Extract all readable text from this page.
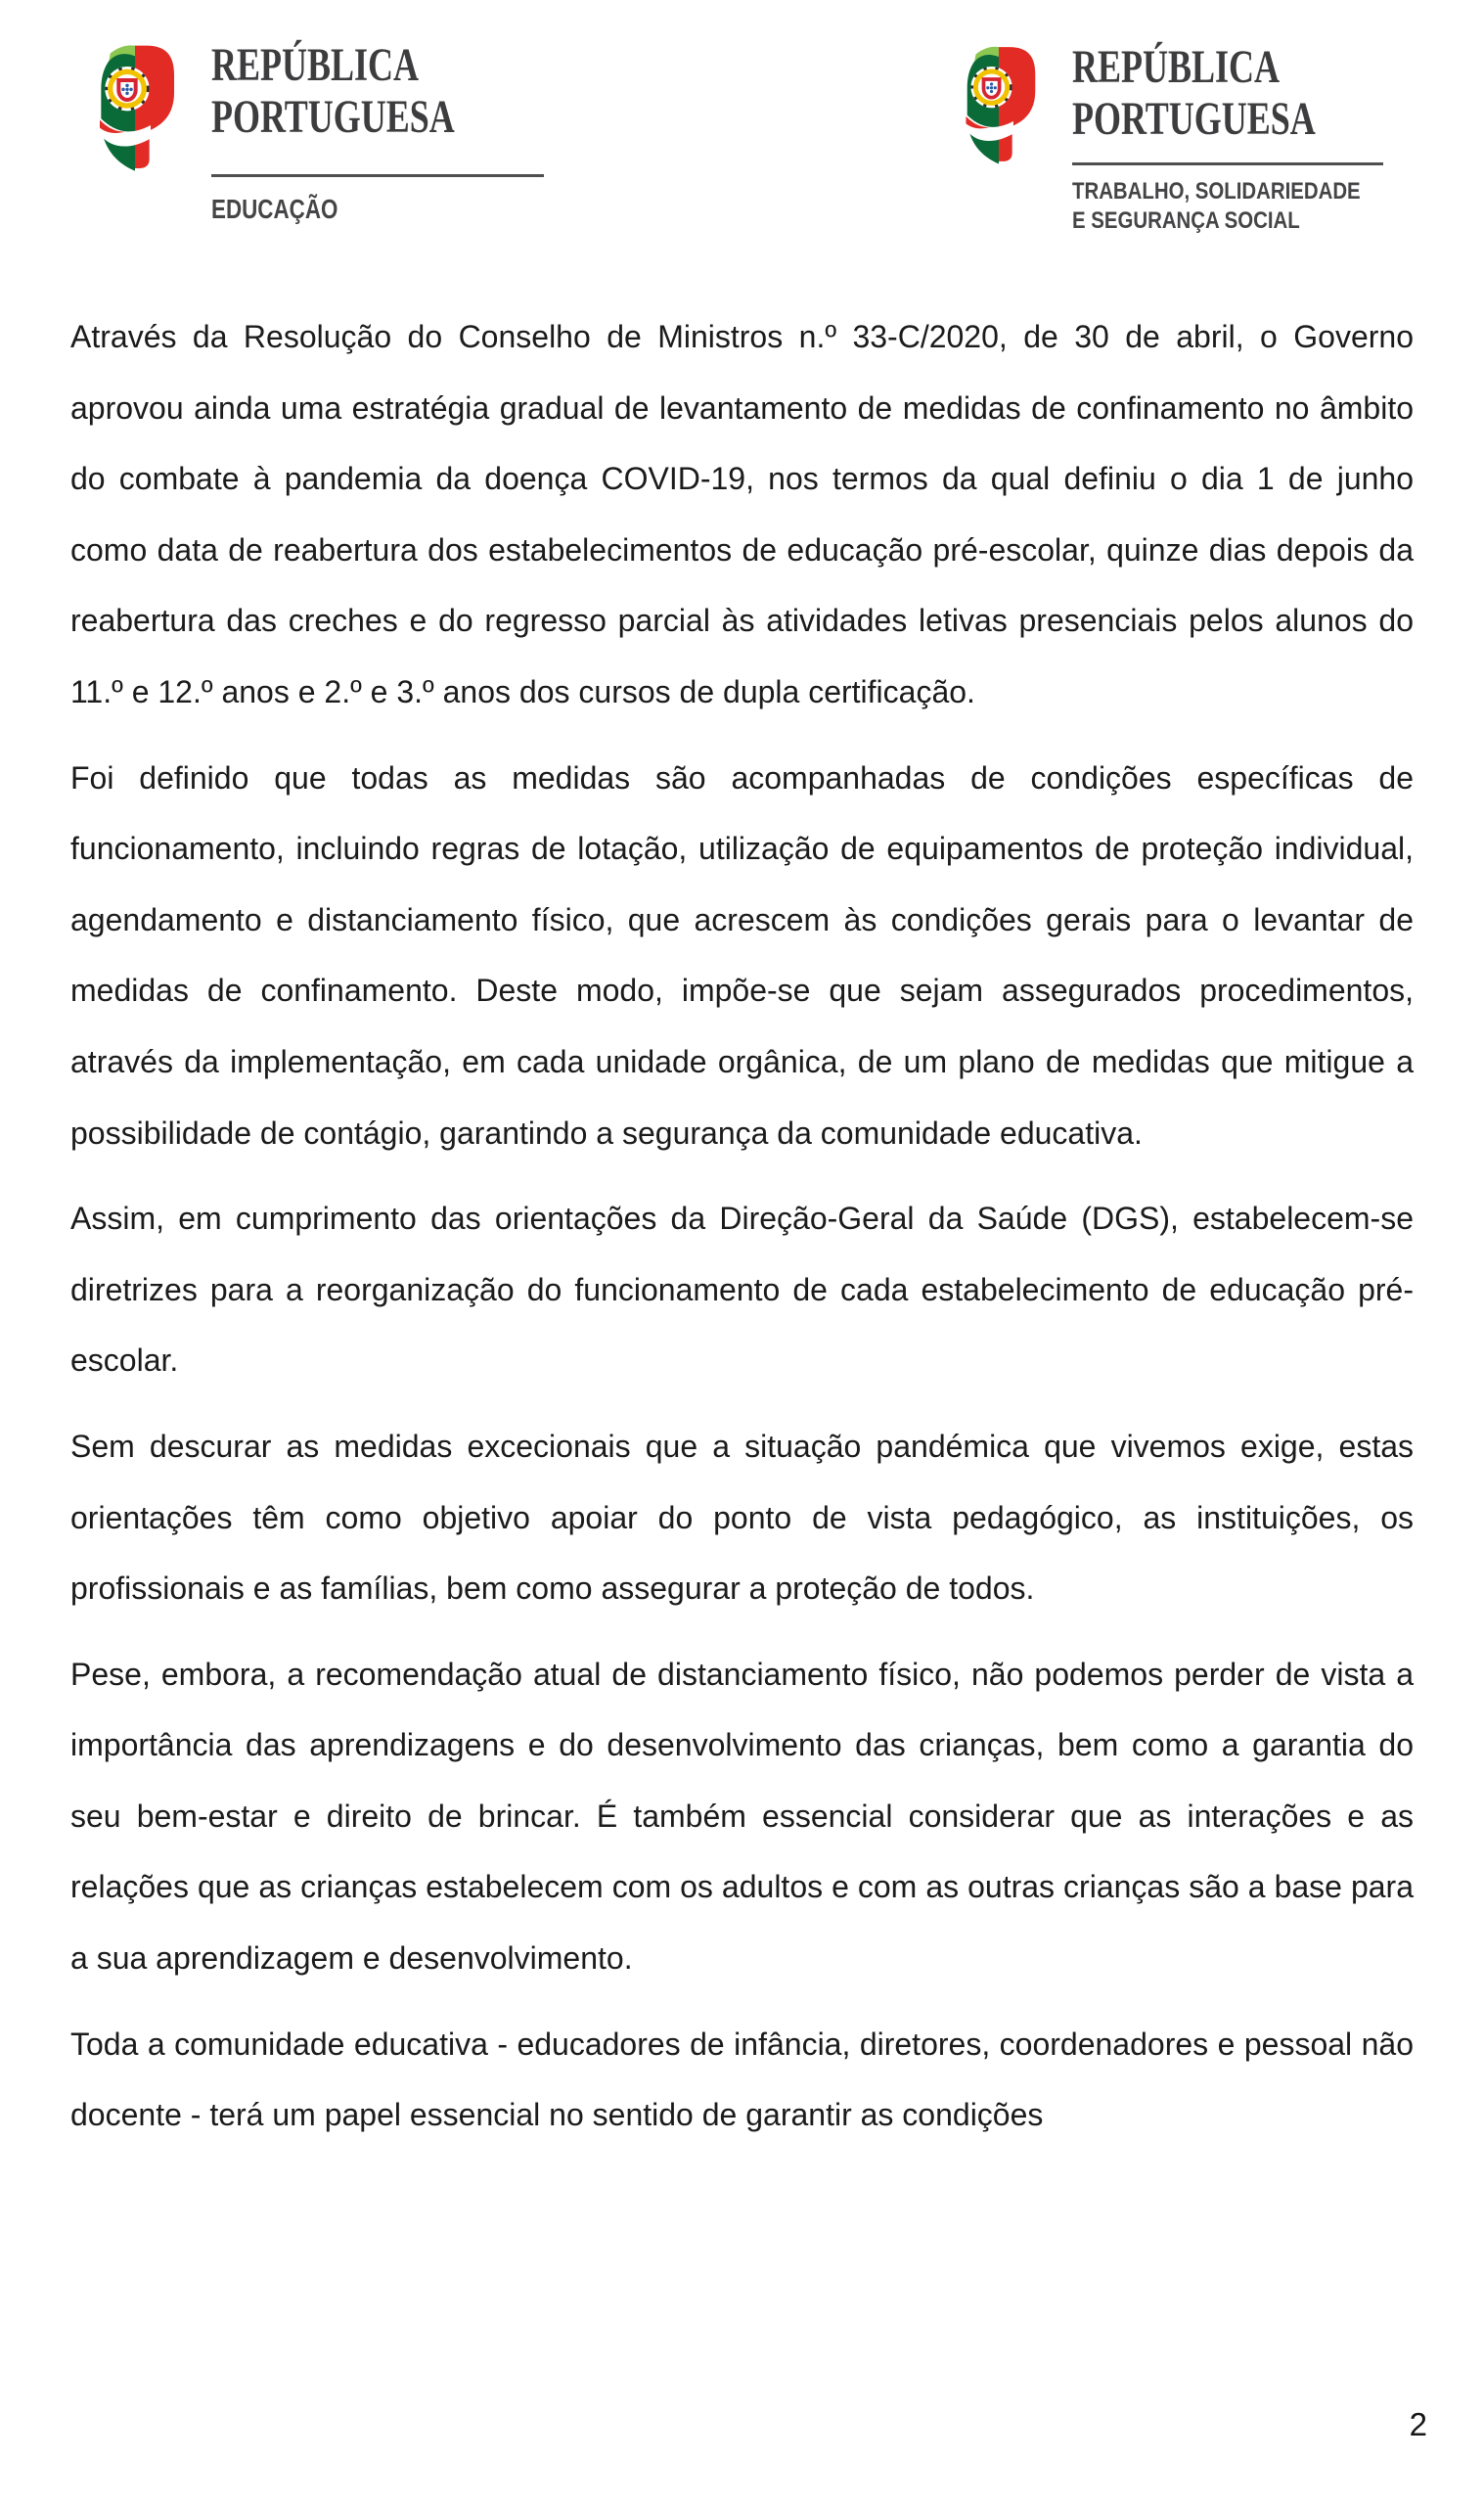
REPÚBLICA
PORTUGUESA
EDUCAÇÃO
REPÚBLICA
PORTUGUESA
TRABALHO, SOLIDARIEDADE
E SEGURANÇA SOCIAL

Através da Resolução do Conselho de Ministros n.º 33-C/2020, de 30 de abril, o Governo aprovou ainda uma estratégia gradual de levantamento de medidas de confinamento no âmbito do combate à pandemia da doença COVID-19, nos termos da qual definiu o dia 1 de junho como data de reabertura dos estabelecimentos de educação pré-escolar, quinze dias depois da reabertura das creches e do regresso parcial às atividades letivas presenciais pelos alunos do 11.º e 12.º anos e 2.º e 3.º anos dos cursos de dupla certificação.

Foi definido que todas as medidas são acompanhadas de condições específicas de funcionamento, incluindo regras de lotação, utilização de equipamentos de proteção individual, agendamento e distanciamento físico, que acrescem às condições gerais para o levantar de medidas de confinamento. Deste modo, impõe-se que sejam assegurados procedimentos, através da implementação, em cada unidade orgânica, de um plano de medidas que mitigue a possibilidade de contágio, garantindo a segurança da comunidade educativa.

Assim, em cumprimento das orientações da Direção-Geral da Saúde (DGS), estabelecem-se diretrizes para a reorganização do funcionamento de cada estabelecimento de educação pré-escolar.

Sem descurar as medidas excecionais que a situação pandémica que vivemos exige, estas orientações têm como objetivo apoiar do ponto de vista pedagógico, as instituições, os profissionais e as famílias, bem como assegurar a proteção de todos.

Pese, embora, a recomendação atual de distanciamento físico, não podemos perder de vista a importância das aprendizagens e do desenvolvimento das crianças, bem como a garantia do seu bem-estar e direito de brincar. É também essencial considerar que as interações e as relações que as crianças estabelecem com os adultos e com as outras crianças são a base para a sua aprendizagem e desenvolvimento.

Toda a comunidade educativa - educadores de infância, diretores, coordenadores e pessoal não docente - terá um papel essencial no sentido de garantir as condições

2
